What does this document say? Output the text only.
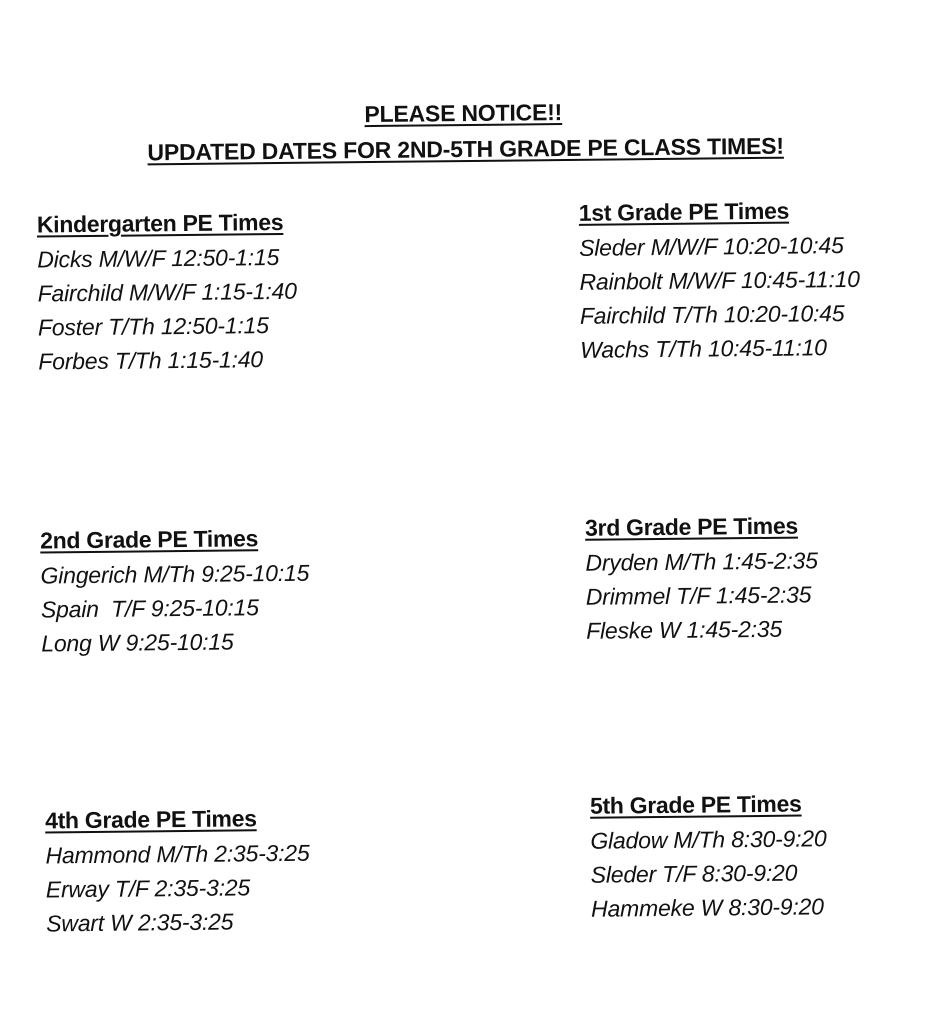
PLEASE NOTICE!!
UPDATED DATES FOR 2ND-5TH GRADE PE CLASS TIMES!
Kindergarten PE Times
Dicks M/W/F 12:50-1:15
Fairchild M/W/F 1:15-1:40
Foster T/Th 12:50-1:15
Forbes T/Th 1:15-1:40
1st Grade PE Times
Sleder M/W/F 10:20-10:45
Rainbolt M/W/F 10:45-11:10
Fairchild T/Th 10:20-10:45
Wachs T/Th 10:45-11:10
2nd Grade PE Times
Gingerich M/Th 9:25-10:15
Spain  T/F 9:25-10:15
Long W 9:25-10:15
3rd Grade PE Times
Dryden M/Th 1:45-2:35
Drimmel T/F 1:45-2:35
Fleske W 1:45-2:35
4th Grade PE Times
Hammond M/Th 2:35-3:25
Erway T/F 2:35-3:25
Swart W 2:35-3:25
5th Grade PE Times
Gladow M/Th 8:30-9:20
Sleder T/F 8:30-9:20
Hammeke W 8:30-9:20
